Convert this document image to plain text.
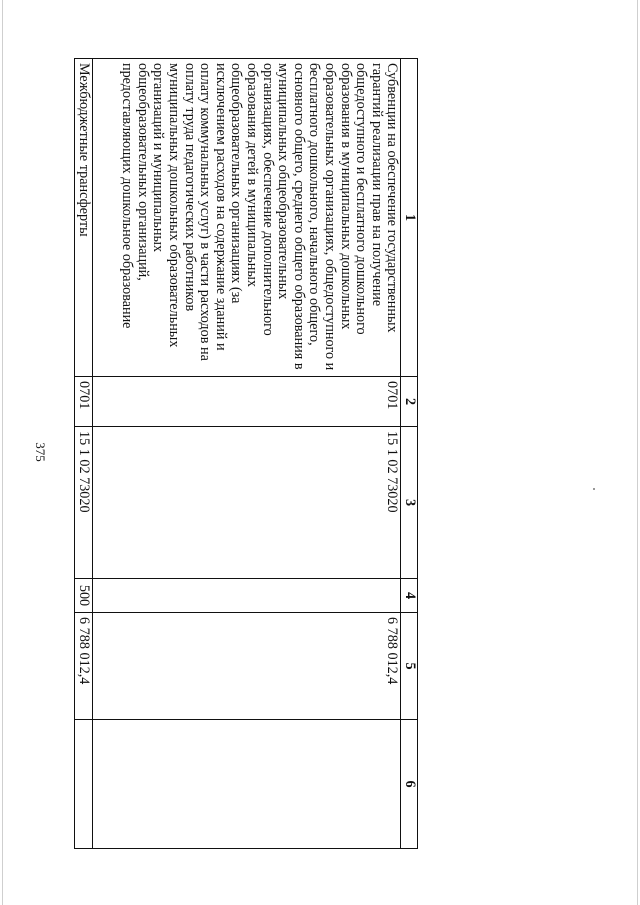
375
1	2	3	4	5	6
Субвенции на обеспечение государственных гарантий реализации прав на получение общедоступного и бесплатного дошкольного образования в муниципальных дошкольных образовательных организациях, общедоступного и бесплатного дошкольного, начального общего, основного общего, среднего общего образования в муниципальных общеобразовательных организациях, обеспечение дополнительного образования детей в муниципальных общеобразовательных организациях (за исключением расходов на содержание зданий и оплату коммунальных услуг) в части расходов на оплату труда педагогических работников муниципальных дошкольных образовательных организаций и муниципальных общеобразовательных организаций, предоставляющих дошкольное образование	0701	15 1 02 73020		6 788 012,4	
Межбюджетные трансферты	0701	15 1 02 73020	500	6 788 012,4	
